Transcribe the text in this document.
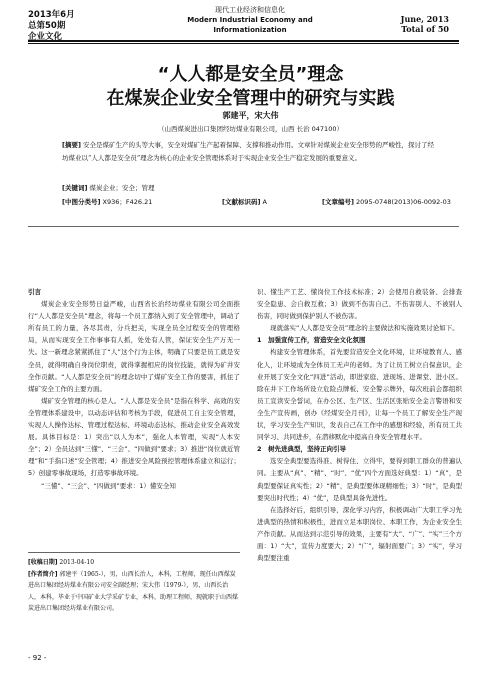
2013年6月
总第50期
企业文化
现代工业经济和信息化
Modern Industrial Economy and Informationization
June, 2013
Total of 50
“人人都是安全员”理念
在煤炭企业安全管理中的研究与实践
郭建平，宋大伟
（山西煤炭进出口集团经坊煤业有限公司，山西 长治 047100）
[摘要] 安全是煤矿生产的头等大事，安全对煤矿生产起着保障、支撑和推动作用。文章针对煤炭企业安全形势的严峻性，探讨了经坊煤业以“人人都是安全员”理念为核心的企业安全管理体系对于实现企业安全生产稳定发展的重要意义。
[关键词] 煤炭企业；安全；管理
[中图分类号] X936；F426.21	[文献标识码] A	[文章编号] 2095-0748(2013)06-0092-03

引言

煤炭企业安全形势日益严峻，山西省长治经坊煤业有限公司全面推行“人人都是安全员”理念，将每一个员工都纳入到了安全管理中，调动了所有员工的力量，各尽其责，分兵把关，实现全员全过程安全的管理格局，从而实现安全工作事事有人抓，处处有人管，保证安全生产万无一失。这一新理念紧紧抓住了“人”这个行为主体，明确了只要是员工就是安全员，就得明确自身岗位职责，就得掌握相应的岗位技能，就得为矿井安全作贡献。“人人都是安全员”的理念切中了煤矿安全工作的要害，抓住了煤矿安全工作的主要方面。

煤矿安全管理的核心是人。“人人都是安全员”是指在科学、高效的安全管理体系建设中，以动态评估和考核为手段，促进员工自主安全管理，实现人人操作达标、管理过程达标、环境动态达标，推动企业安全高效发展。具体目标是：1）突出“以人为本”，强化人本管理，实现“人本安全”；2）全员达到“三懂”、“三会”、“四做到”要求；3）推进“岗位就近管理”和“手指口述”安全管理；4）推进安全风险预控管理体系建立和运行；5）创建零事故现场，打造零事故环境。

“三懂”、“三会”、“四做到”要求：1）懂安全知

识、懂生产工艺、懂岗位工作技术标准；2）会使用自救装备、会排查安全隐患、会自救互救；3）做到不伤害自己、不伤害别人、不被别人伤害，同时做到保护别人不被伤害。

现就落实“人人都是安全员”理念的主要做法和实施效果讨论如下。

1　加强宣传工作，营造安全文化氛围

构建安全管理体系，首先要营造安全文化环境，让环境教育人、感化人，让环境成为全体员工无声的老师。为了让员工树立自保意识，企业开展了安全文化“四进”活动，即进家庭、进现场、进课堂、进小区。除在井下工作场所设立危险点牌板、安全警示牌外，每次班前会都组织员工宣读安全誓词，在办公区、生产区、生活区张贴安全金言警语和安全生产宣传画，创办《经煤安全月刊》，让每一个员工了解安全生产现状，学习安全生产知识，发表自己在工作中的感想和经验，所有员工共同学习、共同进步，在潜移默化中提高自身安全管理水平。

2　树先进典型，坚持正向引导

选安全典型要选得准、树得住、立得牢，要得到职工群众的普遍认同。主要从“真”、“精”、“时”、“优”四个方面选好典型：1）“真”，是典型要保证真实性；2）“精”，是典型要体现精细性；3）“时”，是典型要突出时代性；4）“优”，是典型具备先进性。

在选择好后，组织引导，深化学习内容，积极调动广大职工学习先进典型的热情和积极性，进而立足本职岗位、本职工作，为企业安全生产作贡献。从而达到示范引导的效果，主要有“大”、“广”、“实”三个方面：1）“大”，宣传力度要大；2）“广”，辐射面要广；3）“实”，学习典型要注重

[收稿日期] 2013-04-10
[作者简介] 郭建平（1965-），男，山西长治人，本科，工程师，现任山西煤炭进出口集团经坊煤业有限公司安全副经理；宋大伟（1979-），男，山西长治人，本科，毕业于中国矿业大学采矿专业，本科，助理工程师，现就职于山西煤炭进出口集团经坊煤业有限公司。
- 92 -
